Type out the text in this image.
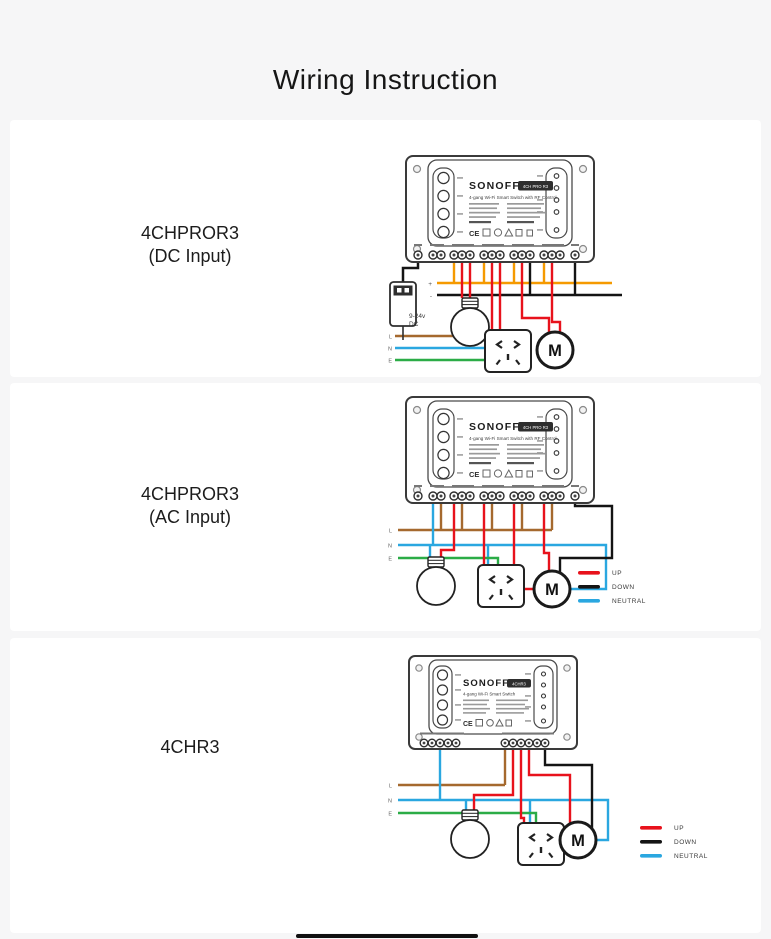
Wiring Instruction
4CHPROR3
(DC Input)
+
-
L
N
E
9-24v
DC
4CHPROR3
(AC Input)
L
N
E
4CHR3
L
N
E
